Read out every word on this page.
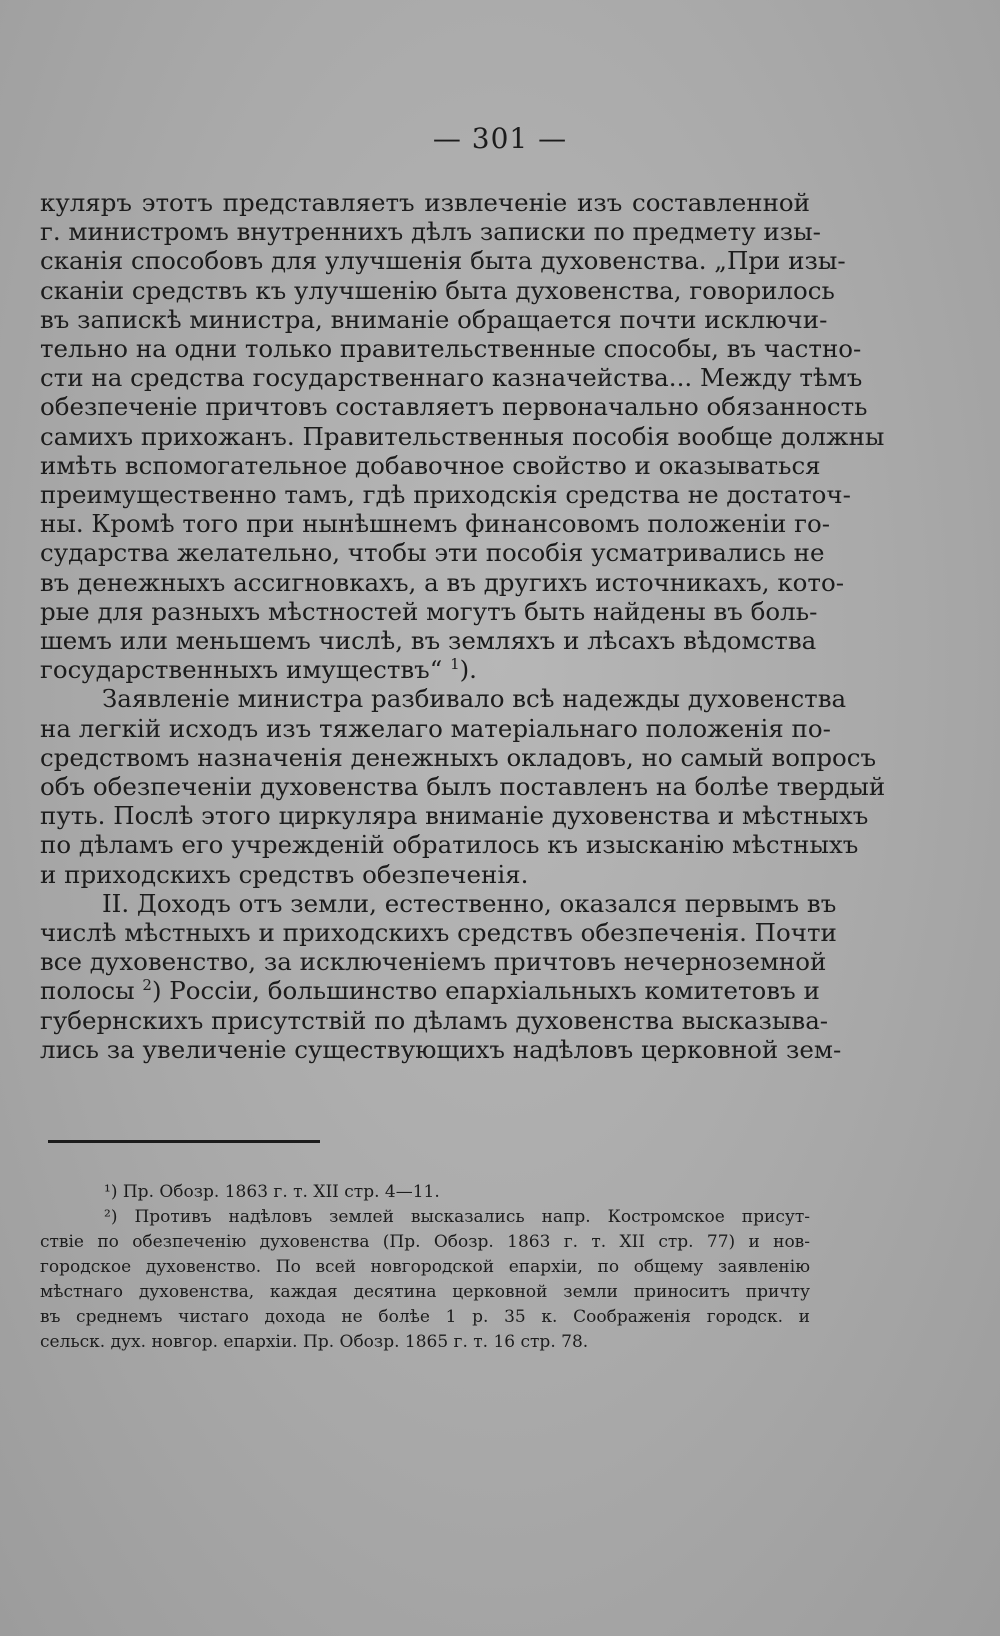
— 301 —
куляръ этотъ представляетъ извлеченіе изъ составленной
г. министромъ внутреннихъ дѣлъ записки по предмету изы-
сканія способовъ для улучшенія быта духовенства. „При изы-
сканіи средствъ къ улучшенію быта духовенства, говорилось
въ запискѣ министра, вниманіе обращается почти исключи-
тельно на одни только правительственные способы, въ частно-
сти на средства государственнаго казначейства... Между тѣмъ
обезпеченіе причтовъ составляетъ первоначально обязанность
самихъ прихожанъ. Правительственныя пособія вообще должны
имѣть вспомогательное добавочное свойство и оказываться
преимущественно тамъ, гдѣ приходскія средства не достаточ-
ны. Кромѣ того при нынѣшнемъ финансовомъ положеніи го-
сударства желательно, чтобы эти пособія усматривались не
въ денежныхъ ассигновкахъ, а въ другихъ источникахъ, кото-
рые для разныхъ мѣстностей могутъ быть найдены въ боль-
шемъ или меньшемъ числѣ, въ земляхъ и лѣсахъ вѣдомства
государственныхъ имуществъ“ $^1$).
Заявленіе министра разбивало всѣ надежды духовенства
на легкій исходъ изъ тяжелаго матеріальнаго положенія по-
средствомъ назначенія денежныхъ окладовъ, но самый вопросъ
объ обезпеченіи духовенства былъ поставленъ на болѣе твердый
путь. Послѣ этого циркуляра вниманіе духовенства и мѣстныхъ
по дѣламъ его учрежденій обратилось къ изысканію мѣстныхъ
и приходскихъ средствъ обезпеченія.
II. Доходъ отъ земли, естественно, оказался первымъ въ
числѣ мѣстныхъ и приходскихъ средствъ обезпеченія. Почти
все духовенство, за исключеніемъ причтовъ нечерноземной
полосы $^2$) Россіи, большинство епархіальныхъ комитетовъ и
губернскихъ присутствій по дѣламъ духовенства высказыва-
лись за увеличеніе существующихъ надѣловъ церковной зем-
¹) Пр. Обозр. 1863 г. т. XII стр. 4—11.
²) Противъ надѣловъ землей высказались напр. Костромское присут-
ствіе по обезпеченію духовенства (Пр. Обозр. 1863 г. т. XII стр. 77) и нов-
городское духовенство. По всей новгородской епархіи, по общему заявленію
мѣстнаго духовенства, каждая десятина церковной земли приноситъ причту
въ среднемъ чистаго дохода не болѣе 1 р. 35 к. Соображенія городск. и
сельск. дух. новгор. епархіи. Пр. Обозр. 1865 г. т. 16 стр. 78.
